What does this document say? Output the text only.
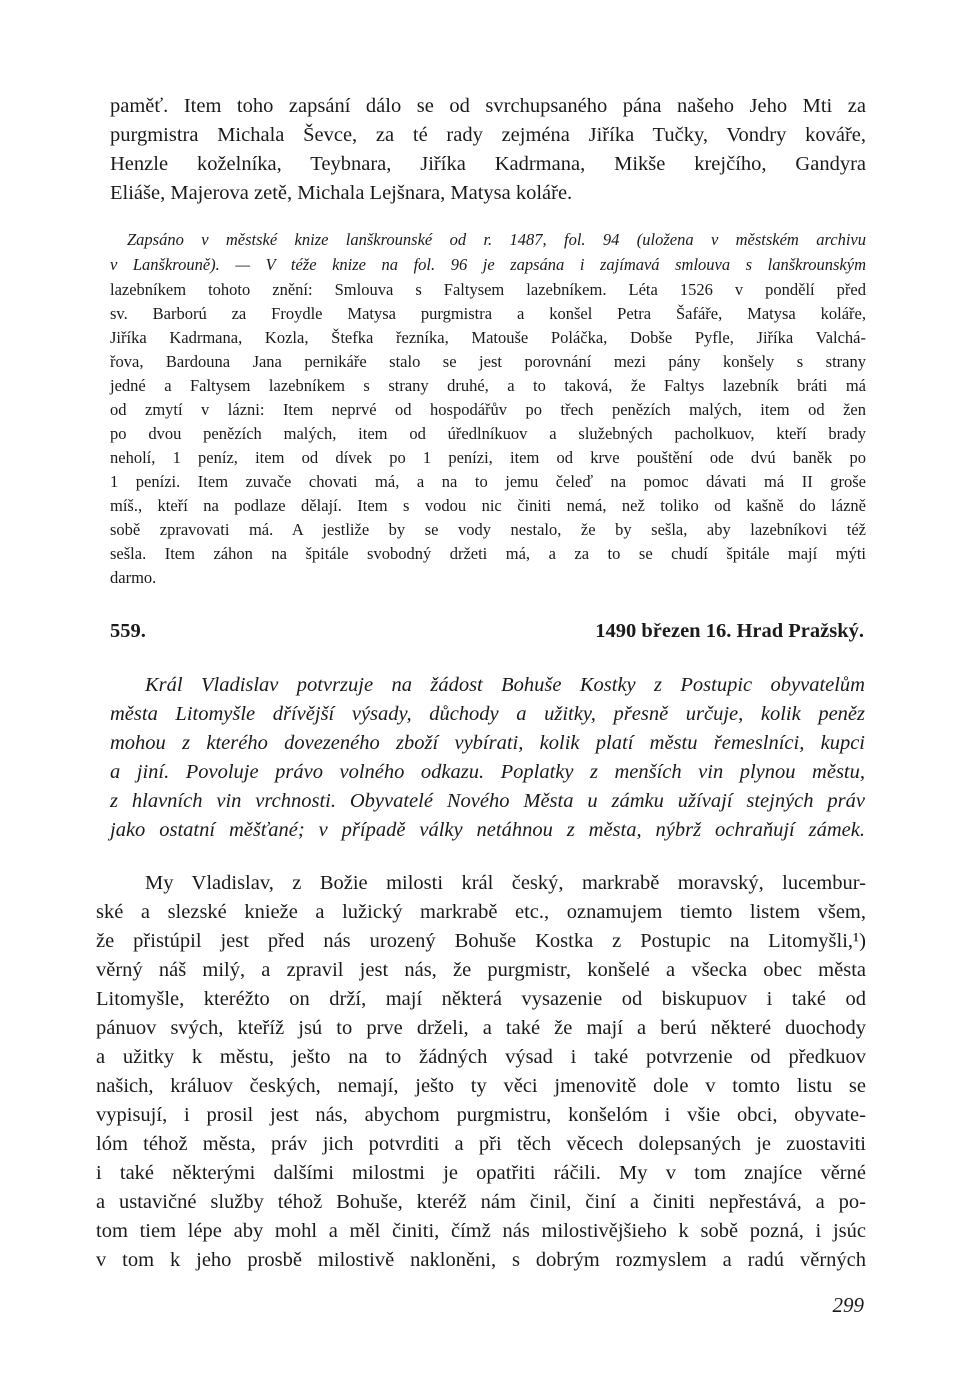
paměť. Item toho zapsání dálo se od svrchupsaného pána našeho Jeho Mti za
purgmistra Michala Ševce, za té rady zejména Jiříka Tučky, Vondry kováře,
Henzle koželníka, Teybnara, Jiříka Kadrmana, Mikše krejčího, Gandyra
Eliáše, Majerova zetě, Michala Lejšnara, Matysa koláře.
Zapsáno v městské knize lanškrounské od r. 1487, fol. 94 (uložena v městském archivu
v Lanškrouně). — V téže knize na fol. 96 je zapsána i zajímavá smlouva s lanškrounským
lazebníkem tohoto znění: Smlouva s Faltysem lazebníkem. Léta 1526 v pondělí před
sv. Barború za Froydle Matysa purgmistra a konšel Petra Šafáře, Matysa koláře,
Jiříka Kadrmana, Kozla, Štefka řezníka, Matouše Poláčka, Dobše Pyfle, Jiříka Valchá-
řova, Bardouna Jana pernikáře stalo se jest porovnání mezi pány konšely s strany
jedné a Faltysem lazebníkem s strany druhé, a to taková, že Faltys lazebník bráti má
od zmytí v lázni: Item neprvé od hospodářův po třech penězích malých, item od žen
po dvou penězích malých, item od úředlníkuov a služebných pacholkuov, kteří brady
neholí, 1 peníz, item od dívek po 1 penízi, item od krve pouštění ode dvú baněk po
1 penízi. Item zuvače chovati má, a na to jemu čeleď na pomoc dávati má II groše
míš., kteří na podlaze dělají. Item s vodou nic činiti nemá, než toliko od kašně do lázně
sobě zpravovati má. A jestliže by se vody nestalo, že by sešla, aby lazebníkovi též
sešla. Item záhon na špitále svobodný držeti má, a za to se chudí špitále mají mýti
darmo.
559.	1490 březen 16. Hrad Pražský.
Král Vladislav potvrzuje na žádost Bohuše Kostky z Postupic obyvatelům
města Litomyšle dřívější výsady, důchody a užitky, přesně určuje, kolik peněz
mohou z kterého dovezeného zboží vybírati, kolik platí městu řemeslníci, kupci
a jiní. Povoluje právo volného odkazu. Poplatky z menších vin plynou městu,
z hlavních vin vrchnosti. Obyvatelé Nového Města u zámku užívají stejných práv
jako ostatní měšťané; v případě války netáhnou z města, nýbrž ochraňují zámek.
My Vladislav, z Božie milosti král český, markrabě moravský, lucembur-
ské a slezské knieže a lužický markrabě etc., oznamujem tiemto listem všem,
že přistúpil jest před nás urozený Bohuše Kostka z Postupic na Litomyšli,¹)
věrný náš milý, a zpravil jest nás, že purgmistr, konšelé a všecka obec města
Litomyšle, kteréžto on drží, mají některá vysazenie od biskupuov i také od
pánuov svých, kteříž jsú to prve drželi, a také že mají a berú některé duochody
a užitky k městu, ješto na to žádných výsad i také potvrzenie od předkuov
našich, králuov českých, nemají, ješto ty věci jmenovitě dole v tomto listu se
vypisují, i prosil jest nás, abychom purgmistru, konšelóm i všie obci, obyvate-
lóm téhož města, práv jich potvrditi a při těch věcech dolepsaných je zuostaviti
i také některými dalšími milostmi je opatřiti ráčili. My v tom znajíce věrné
a ustavičné služby téhož Bohuše, kteréž nám činil, činí a činiti nepřestává, a po-
tom tiem lépe aby mohl a měl činiti, čímž nás milostivějšieho k sobě pozná, i jsúc
v tom k jeho prosbě milostivě nakloněni, s dobrým rozmyslem a radú věrných
299
